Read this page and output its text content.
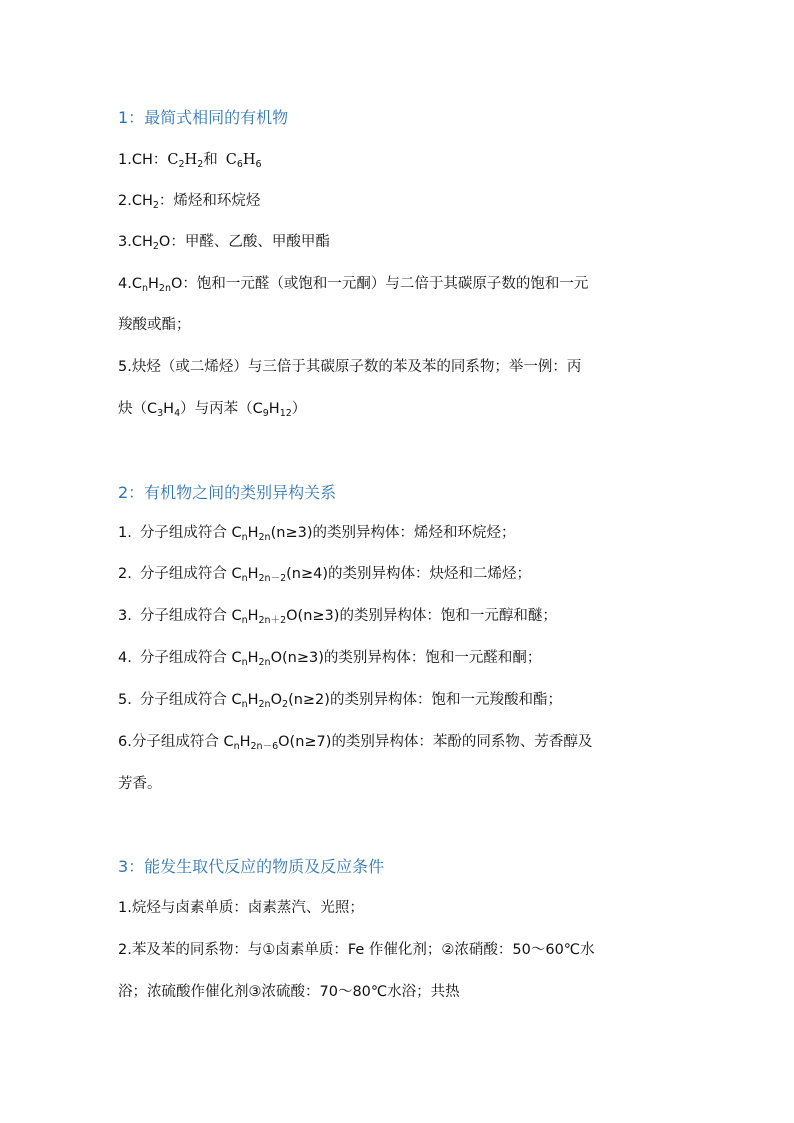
1：最简式相同的有机物
1.CH：$C_2H_2$和 $C_6H_6$
$2.CH_2$：烯烃和环烷烃
$3.CH_2O$：甲醛、乙酸、甲酸甲酯
$4.C_nH_{2n}O$：饱和一元醛（或饱和一元酮）与二倍于其碳原子数的饱和一元
羧酸或酯；
5.炔烃（或二烯烃）与三倍于其碳原子数的苯及苯的同系物；举一例：丙
炔$(C_3H_4)$与丙苯$(C_9H_{12})$
2：有机物之间的类别异构关系
1. 分子组成符合 $C_nH_{2n}(n\ge 3)$的类别异构体：烯烃和环烷烃；
2. 分子组成符合 $C_nH_{2n-2}(n\ge 4)$的类别异构体：炔烃和二烯烃；
3. 分子组成符合 $C_nH_{2n+2}O(n\ge 3)$的类别异构体：饱和一元醇和醚；
4. 分子组成符合 $C_nH_{2n}O(n\ge 3)$的类别异构体：饱和一元醛和酮；
5. 分子组成符合 $C_nH_{2n}O_2(n\ge 2)$的类别异构体：饱和一元羧酸和酯；
6.分子组成符合 $C_nH_{2n-6}O(n\ge 7)$的类别异构体：苯酚的同系物、芳香醇及
芳香。
3：能发生取代反应的物质及反应条件
1.烷烃与卤素单质：卤素蒸汽、光照；
2.苯及苯的同系物：与①卤素单质：Fe 作催化剂；②浓硝酸：50～60℃水
浴；浓硫酸作催化剂③浓硫酸：70～80℃水浴；共热
